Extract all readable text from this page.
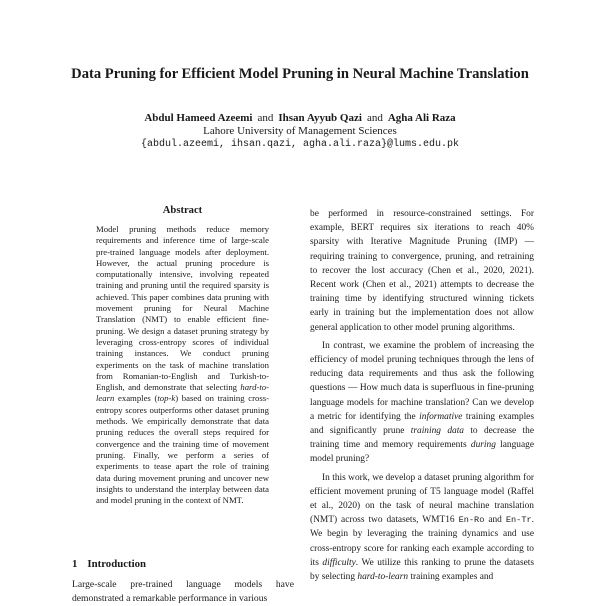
Data Pruning for Efficient Model Pruning in Neural Machine Translation
Abdul Hameed Azeemi and Ihsan Ayyub Qazi and Agha Ali Raza
Lahore University of Management Sciences
{abdul.azeemi, ihsan.qazi, agha.ali.raza}@lums.edu.pk
Abstract
Model pruning methods reduce memory requirements and inference time of large-scale pre-trained language models after deployment. However, the actual pruning procedure is computationally intensive, involving repeated training and pruning until the required sparsity is achieved. This paper combines data pruning with movement pruning for Neural Machine Translation (NMT) to enable efficient fine-pruning. We design a dataset pruning strategy by leveraging cross-entropy scores of individual training instances. We conduct pruning experiments on the task of machine translation from Romanian-to-English and Turkish-to-English, and demonstrate that selecting hard-to-learn examples (top-k) based on training cross-entropy scores outperforms other dataset pruning methods. We empirically demonstrate that data pruning reduces the overall steps required for convergence and the training time of movement pruning. Finally, we perform a series of experiments to tease apart the role of training data during movement pruning and uncover new insights to understand the interplay between data and model pruning in the context of NMT.
1 Introduction
Large-scale pre-trained language models have demonstrated a remarkable performance in various

be performed in resource-constrained settings. For example, BERT requires six iterations to reach 40% sparsity with Iterative Magnitude Pruning (IMP) —requiring training to convergence, pruning, and retraining to recover the lost accuracy (Chen et al., 2020, 2021). Recent work (Chen et al., 2021) attempts to decrease the training time by identifying structured winning tickets early in training but the implementation does not allow general application to other model pruning algorithms.

In contrast, we examine the problem of increasing the efficiency of model pruning techniques through the lens of reducing data requirements and thus ask the following questions — How much data is superfluous in fine-pruning language models for machine translation? Can we develop a metric for identifying the informative training examples and significantly prune training data to decrease the training time and memory requirements during language model pruning?

In this work, we develop a dataset pruning algorithm for efficient movement pruning of T5 language model (Raffel et al., 2020) on the task of neural machine translation (NMT) across two datasets, WMT16 En-Ro and En-Tr. We begin by leveraging the training dynamics and use cross-entropy score for ranking each example according to its difficulty. We utilize this ranking to prune the datasets by selecting hard-to-learn training examples and
